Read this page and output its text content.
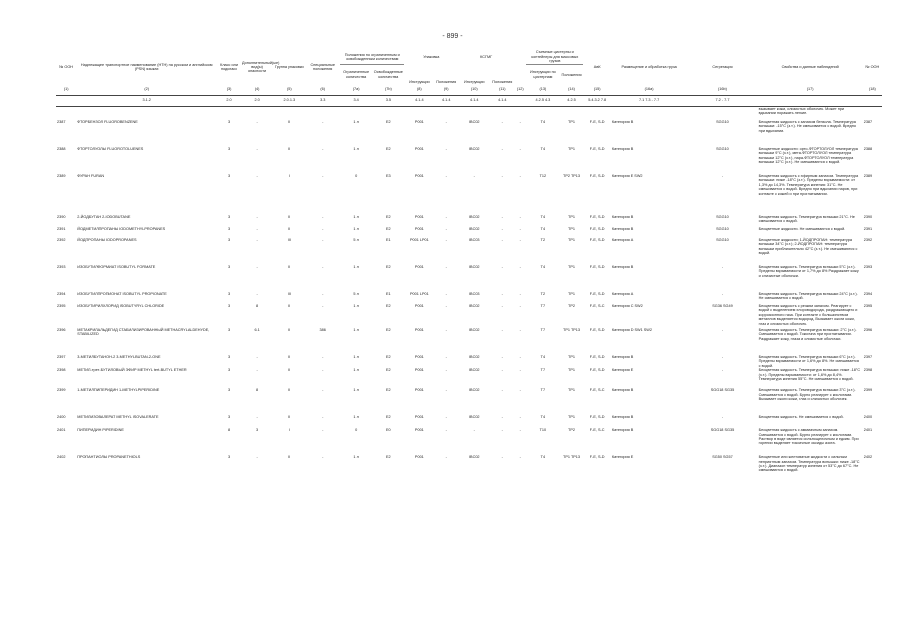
- 899 -
№ ООН	Надлежащее транспортное наименование (НТН) на русском и английском (PSN) языках	Класс или подкласс	Дополнительный(ые) вид(ы) опасности	Группа упаковки	Специальные положения	Положения по ограниченным и освобожденным количествам		Упаковка		КСГМГ			Съемные цистерны и контейнеры для массовых грузов		АвК	Размещение и обработка груза	Сегрегация	Свойства и данные наблюдений	№ ООН
						Ограниченные количества	Освобожденные количества						Инструкции по цистернам	Положения					
								Инструкции	Положения	Инструкции	Положения								
(1)	(2)	(3)	(4)	(5)	(6)	(7a)	(7b)	(8)	(9)	(10)	(11)	(12)	(13)	(14)	(15)	(16a)	(16b)	(17)	(18)
	3.1.2	2.0	2.0	2.0.1.3	3.3	3.4	3.5	4.1.4	4.1.4	4.1.4	4.1.4		4.2.5 4.3	4.2.5	5.4.3.2 7.8	7.1 7.3 - 7.7	7.2 - 7.7		
																		вызывает кожи, слизистых оболочек. Может при вдыхании поражать легкие.	
2387	ФТОРБЕНЗОЛ FLUOROBENZENE	3	-	II	-	1 л	E2	P001	-	IBC02	-	-	T4	TP1	F-E, S-D	Категория B	SGG10	Бесцветная жидкость с запахом бензола. Температура вспышки: -15°C (з.т.). Не смешивается с водой. Вредно при вдыхании.	2387
2388	ФТОРТОЛУОЛЫ FLUOROTOLUENES	3	-	II	-	1 л	E2	P001	-	IBC02	-	-	T4	TP1	F-E, S-D	Категория B	SGG10	Бесцветные жидкости: орто-ФТОРТОЛУОЛ температура вспышки 9°C (з.т.), мета-ФТОРТОЛУОЛ температура вспышки 12°C (з.т.), пара-ФТОРТОЛУОЛ температура вспышки 12°C (з.т.). Не смешиваются с водой.	2388
2389	ФУРАН FURAN	3	-	I	-	0	E3	P001	-	-	-	-	T12	TP2 TP13	F-E, S-D	Категория E SW2	-	Бесцветная жидкость с эфирным запахом. Температура вспышки: ниже -18°C (з.т.). Пределы взрываемости: от 1,3% до 14,3%. Температура кипения: 31°C. Не смешивается с водой. Вредно при вдыхании паров, при контакте с кожей и при проглатывании.	2389
2390	2-ЙОДБУТАН 2-IODOBUTANE	3	-	II	-	1 л	E2	P001	-	IBC02	-	-	T4	TP1	F-E, S-D	Категория B	SGG10	Бесцветная жидкость. Температура вспышки 21°C. Не смешивается с водой.	2390
2391	ЙОДМЕТИЛПРОПАНЫ IODOMETHYLPROPANES	3	-	II	-	1 л	E2	P001	-	IBC02	-	-	T4	TP1	F-E, S-D	Категория B	SGG10	Бесцветные жидкости. Не смешиваются с водой.	2391
2392	ЙОДПРОПАНЫ IODOPROPANES	3	-	III	-	5 л	E1	P001 LP01	-	IBC03	-	-	T2	TP1	F-E, S-D	Категория A	SGG10	Бесцветные жидкости: 1-ЙОДПРОПАН: температура вспышки 34°C (з.т.); 2-ЙОДПРОПАН: температура вспышки приблизительно 42°C (з.т.). Не смешиваются с водой.	2392
2393	ИЗОБУТИЛФОРМИАТ ISOBUTYL FORMATE	3	-	II	-	1 л	E2	P001	-	IBC02	-	-	T4	TP1	F-E, S-D	Категория B	-	Бесцветная жидкость. Температура вспышки 5°C (з.т.). Пределы взрываемости от 1,7% до 8% Раздражает кожу и слизистые оболочки.	2393
2394	ИЗОБУТИЛПРОПИОНАТ ISOBUTYL PROPIONATE	3	-	III	-	5 л	E1	P001 LP01	-	IBC03	-	-	T2	TP1	F-E, S-D	Категория A	-	Бесцветная жидкость. Температура вспышки 24°C (з.т.). Не смешивается с водой.	2394
2395	ИЗОБУТИРИЛХЛОРИД ISOBUTYRYL CHLORIDE	3	8	II	-	1 л	E2	P001	-	IBC02	-	-	T7	TP2	F-E, S-C	Категория C SW2	SG36 SG49	Бесцветная жидкость с резким запахом. Реагирует с водой с выделением хлороводорода, раздражающего и коррозионного газа. При контакте с большинством металлов выделяется водород. Вызывает ожоги кожи, глаз и слизистых оболочек.	2395
2396	МЕТАКРИЛАЛЬДЕГИД СТАБИЛИЗИРОВАННЫЙ METHACRYLALDEHYDE, STABILIZED	3	6.1	II	386	1 л	E2	P001	-	IBC02	-	-	T7	TP1 TP13	F-E, S-D	Категория D SW1 SW2	-	Бесцветная жидкость. Температура вспышки: 2°C (з.т.). Смешивается с водой. Токсична при проглатывании. Раздражает кожу, глаза и слизистые оболочки.	2396
2397	3-МЕТИЛБУТАНОН-2 3-METHYLBUTAN-2-ONE	3	-	II	-	1 л	E2	P001	-	IBC02	-	-	T4	TP1	F-E, S-D	Категория B	-	Бесцветная жидкость. Температура вспышки 6°C (з.т.). Пределы взрываемости от 1,6% до 8%. Не смешивается с водой.	2397
2398	МЕТИЛ-трет-БУТИЛОВЫЙ ЭФИР METHYL tert-BUTYL ETHER	3	-	II	-	1 л	E2	P001	-	IBC02	-	-	T7	TP1	F-E, S-D	Категория E	-	Бесцветная жидкость. Температура вспышки: ниже -18°C (з.т.). Пределы взрываемости: от 1,6% до 8,4%. Температура кипения 55°C. Не смешивается с водой.	2398
2399	1-МЕТИЛПИПЕРИДИН 1-METHYLPIPERIDINE	3	8	II	-	1 л	E2	P001	-	IBC02	-	-	T7	TP1	F-E, S-C	Категория B	SGG18 SG35	Бесцветная жидкость. Температура вспышки 3°C (з.т.). Смешивается с водой. Бурно реагирует с кислотами. Вызывает ожоги кожи, глаз и слизистых оболочек.	2399
2400	МЕТИЛИЗОВАЛЕРАТ METHYL ISOVALERATE	3	-	II	-	1 л	E2	P001	-	IBC02	-	-	T4	TP1	F-E, S-D	Категория B	-	Бесцветная жидкость. Не смешивается с водой.	2400
2401	ПИПЕРИДИН PIPERIDINE	8	3	I	-	0	E0	P001	-	-	-	-	T10	TP2	F-E, S-C	Категория B	SGG18 SG35	Бесцветная жидкость с аммиачным запахом. Смешивается с водой. Бурно реагирует с кислотами. Раствор в воде является сильнощелочным и едким. При горении выделяет токсичные оксиды азота.	2401
2402	ПРОПАНТИОЛЫ PROPANETHIOLS	3	-	II	-	1 л	E2	P001	-	IBC02	-	-	T4	TP1 TP13	F-E, S-D	Категория E	SG50 SG57	Бесцветные или желтоватые жидкости с сильным неприятным запахом. Температура вспышки: ниже -18°C (з.т.). Диапазон температур кипения от 53°C до 67°C. Не смешиваются с водой.	2402
